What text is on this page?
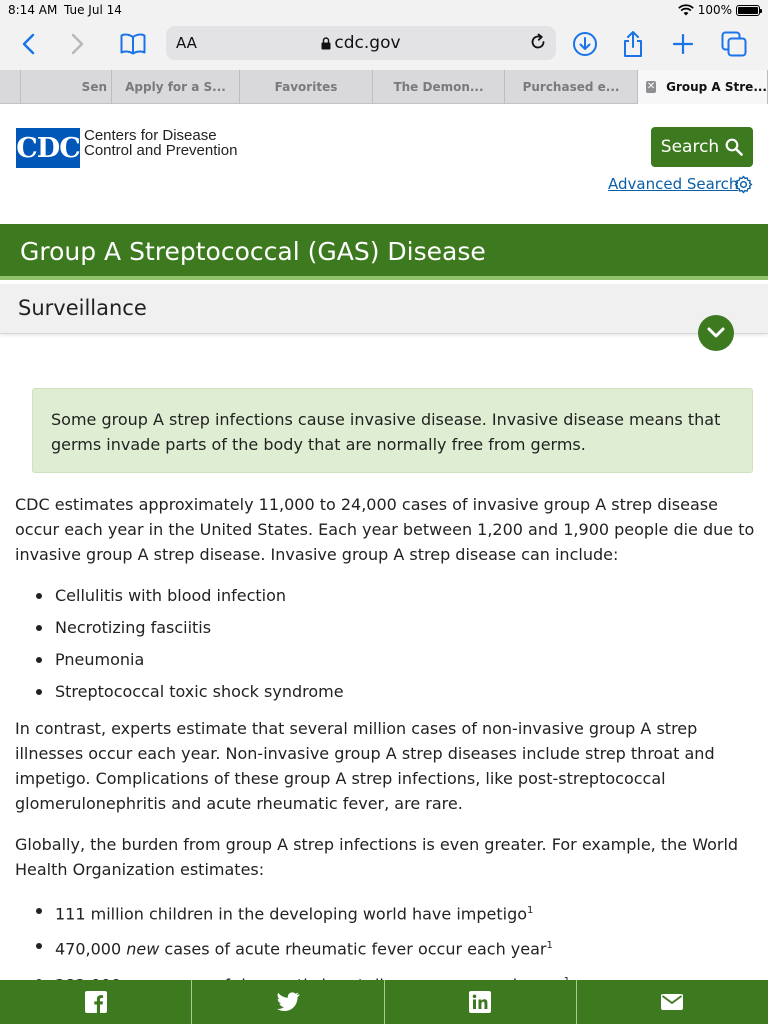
8:14 AM Tue Jul 14	100%
AA	cdc.gov
Sen Apply for a S...	Favorites	The Demon...	Purchased e...	✕ Group A Stre...
CDC Centers for Disease
Control and Prevention	Search
Advanced Search
Group A Streptococcal (GAS) Disease
Surveillance
Some group A strep infections cause invasive disease. Invasive disease means that germs invade parts of the body that are normally free from germs.

CDC estimates approximately 11,000 to 24,000 cases of invasive group A strep disease occur each year in the United States. Each year between 1,200 and 1,900 people die due to invasive group A strep disease. Invasive group A strep disease can include:

Cellulitis with blood infection
Necrotizing fasciitis
Pneumonia
Streptococcal toxic shock syndrome

In contrast, experts estimate that several million cases of non-invasive group A strep illnesses occur each year. Non-invasive group A strep diseases include strep throat and impetigo. Complications of these group A strep infections, like post-streptococcal glomerulonephritis and acute rheumatic fever, are rare.

Globally, the burden from group A strep infections is even greater. For example, the World Health Organization estimates:

111 million children in the developing world have impetigo$^1$
470,000 new cases of acute rheumatic fever occur each year$^1$
